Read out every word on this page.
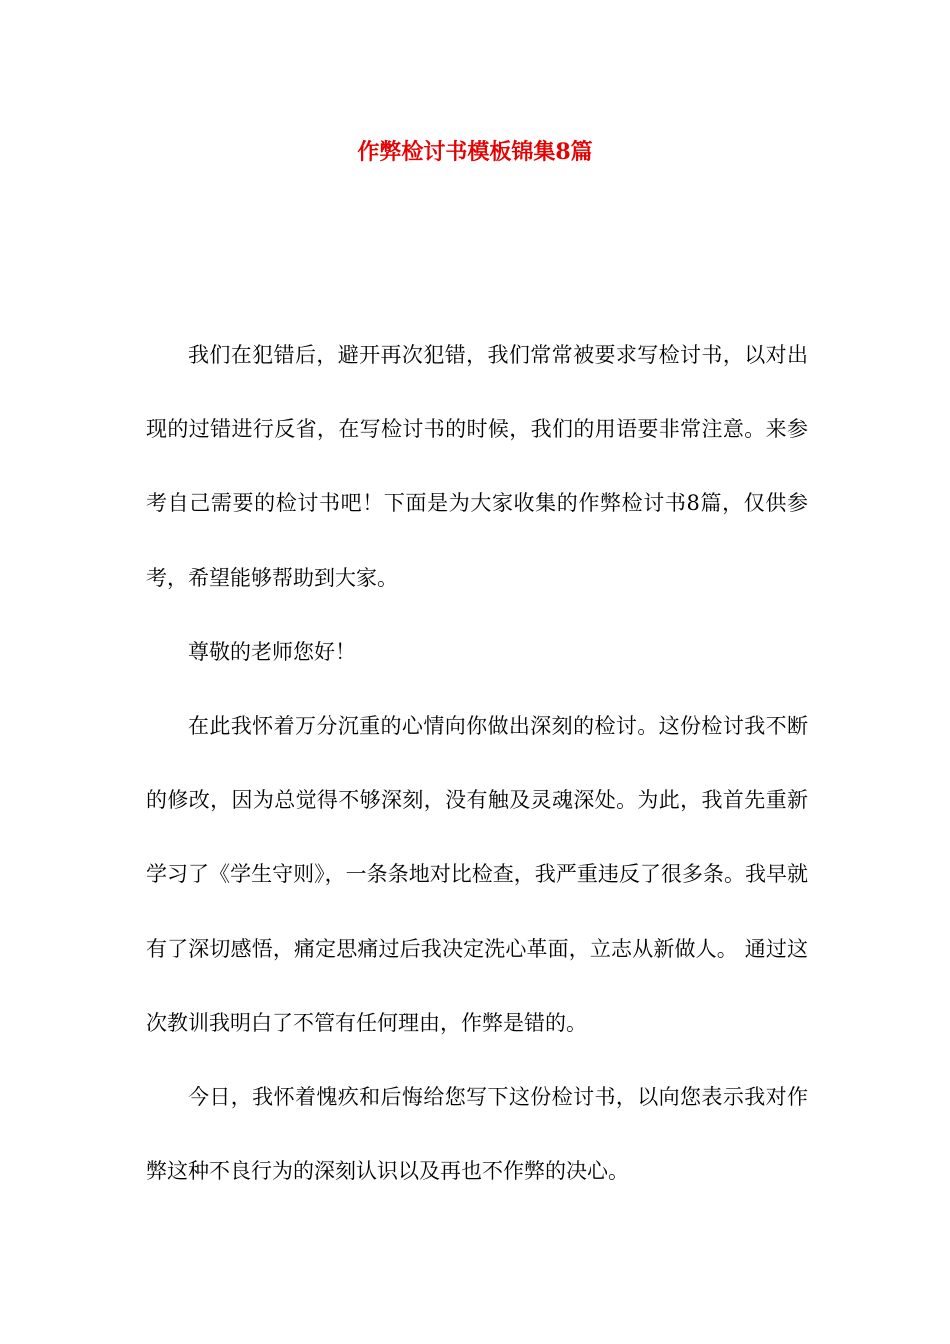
作弊检讨书模板锦集8篇

我们在犯错后，避开再次犯错，我们常常被要求写检讨书，以对出现的过错进行反省，在写检讨书的时候，我们的用语要非常注意。来参考自己需要的检讨书吧！下面是为大家收集的作弊检讨书8篇，仅供参考，希望能够帮助到大家。

尊敬的老师您好！

在此我怀着万分沉重的心情向你做出深刻的检讨。这份检讨我不断的修改，因为总觉得不够深刻，没有触及灵魂深处。为此，我首先重新学习了《学生守则》，一条条地对比检查，我严重违反了很多条。我早就有了深切感悟，痛定思痛过后我决定洗心革面，立志从新做人。 通过这次教训我明白了不管有任何理由，作弊是错的。

今日，我怀着愧疚和后悔给您写下这份检讨书，以向您表示我对作弊这种不良行为的深刻认识以及再也不作弊的决心。
